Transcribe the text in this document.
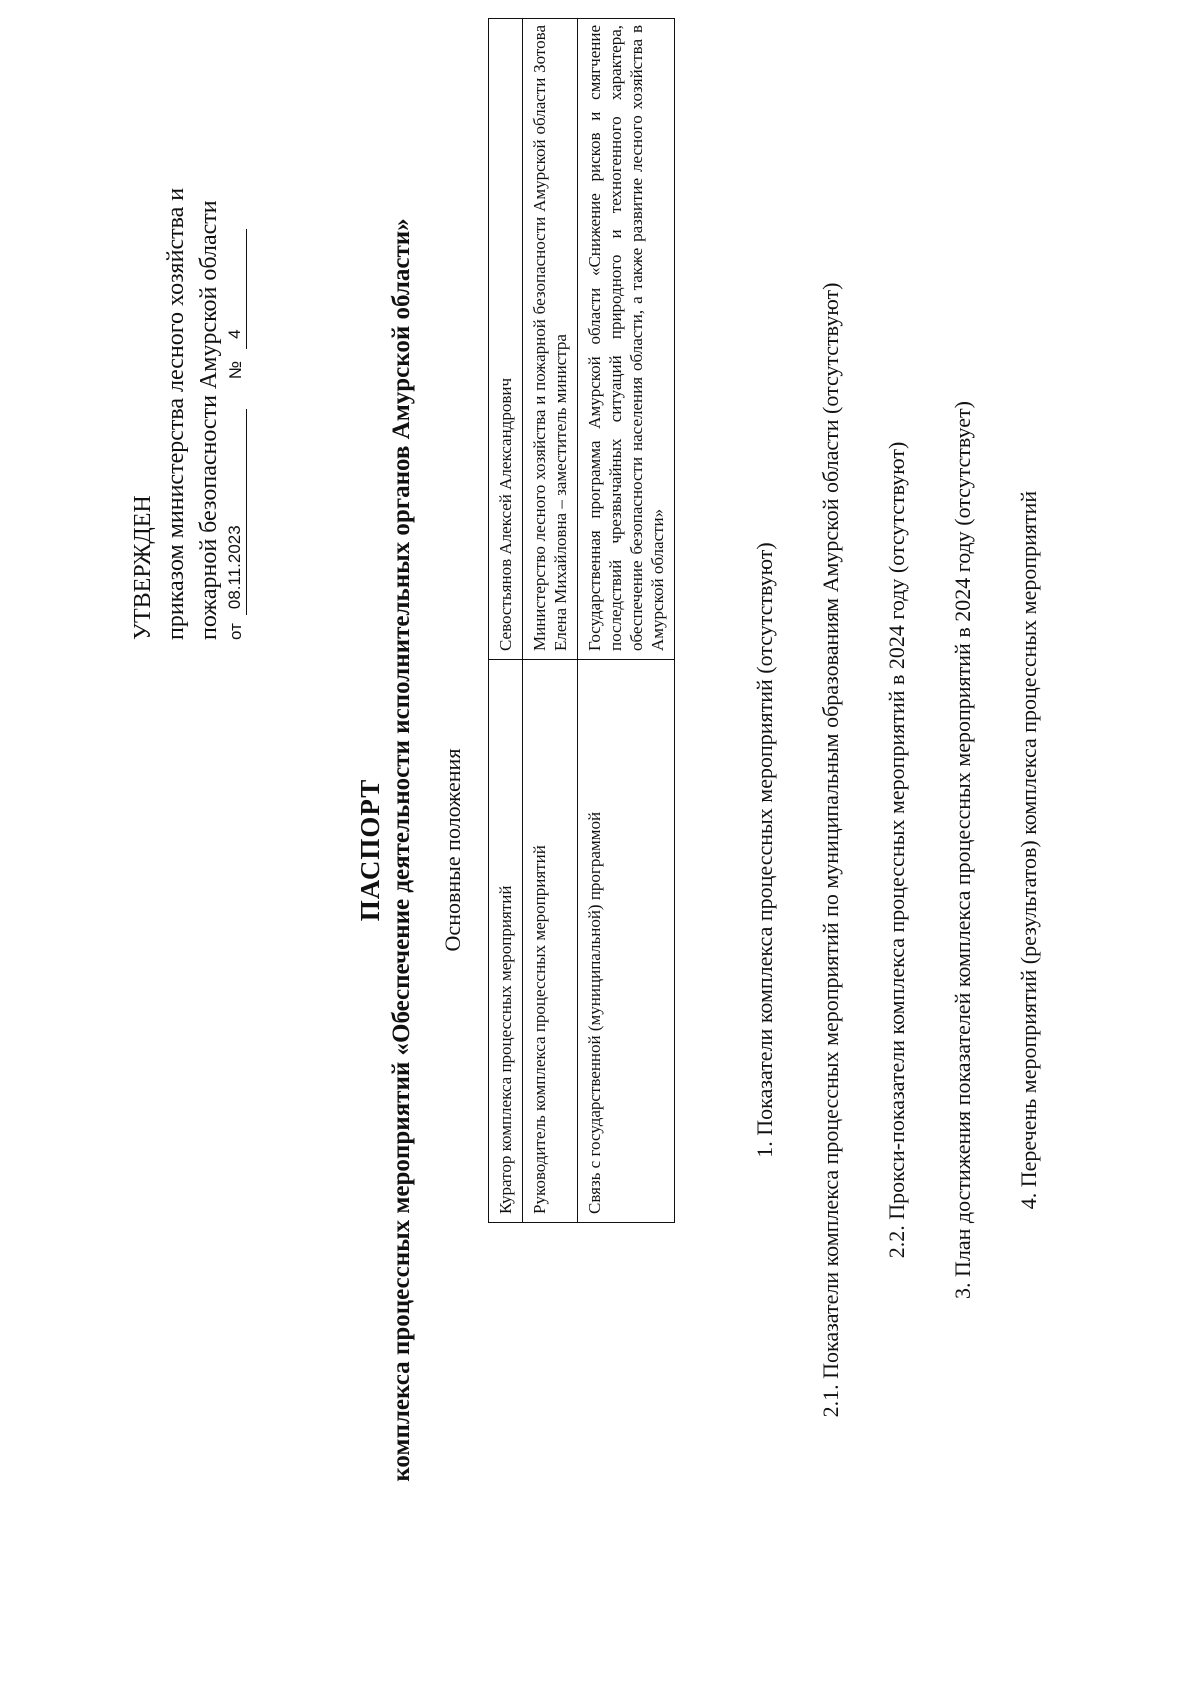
УТВЕРЖДЕН приказом министерства лесного хозяйства и пожарной безопасности Амурской области от
08.11.2023
№
4
ПАСПОРТ комплекса процессных мероприятий «Обеспечение деятельности исполнительных органов Амурской области» Основные положения
Куратор комплекса процессных мероприятий	Севостьянов Алексей Александрович
Руководитель комплекса процессных мероприятий	Министерство лесного хозяйства и пожарной безопасности Амурской области Зотова Елена Михайловна – заместитель министра
Связь с государственной (муниципальной) программой	Государственная программа Амурской области «Снижение рисков и смягчение последствий чрезвычайных ситуаций природного и техногенного характера, обеспечение безопасности населения области, а также развитие лесного хозяйства в Амурской области»	1. Показатели комплекса процессных мероприятий (отсутствуют) 2.1. Показатели комплекса процессных мероприятий по муниципальным образованиям Амурской области (отсутствуют) 2.2. Прокси-показатели комплекса процессных мероприятий в 2024 году (отсутствуют) 3. План достижения показателей комплекса процессных мероприятий в 2024 году (отсутствует) 4. Перечень мероприятий (результатов) комплекса процессных мероприятий
